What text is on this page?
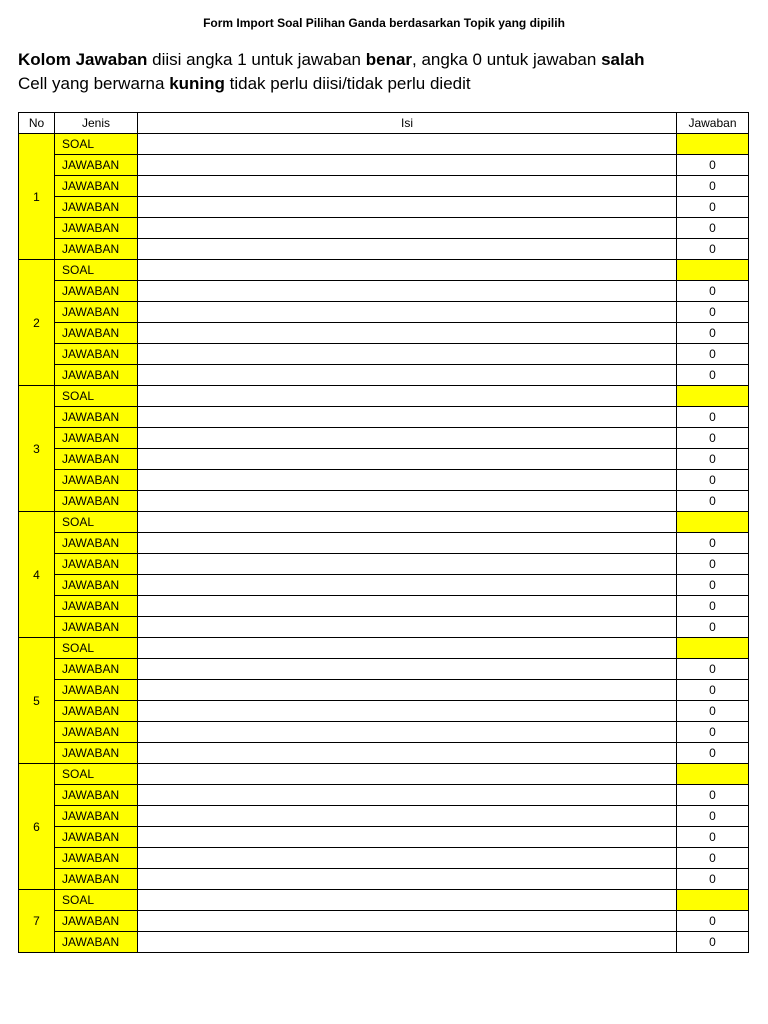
Form Import Soal Pilihan Ganda berdasarkan Topik yang dipilih
Kolom Jawaban diisi angka 1 untuk jawaban benar, angka 0 untuk jawaban salah
Cell yang berwarna kuning tidak perlu diisi/tidak perlu diedit
No	Jenis	Isi	Jawaban
1	SOAL		
	JAWABAN		0
	JAWABAN		0
	JAWABAN		0
	JAWABAN		0
	JAWABAN		0
2	SOAL		
	JAWABAN		0
	JAWABAN		0
	JAWABAN		0
	JAWABAN		0
	JAWABAN		0
3	SOAL		
	JAWABAN		0
	JAWABAN		0
	JAWABAN		0
	JAWABAN		0
	JAWABAN		0
4	SOAL		
	JAWABAN		0
	JAWABAN		0
	JAWABAN		0
	JAWABAN		0
	JAWABAN		0
5	SOAL		
	JAWABAN		0
	JAWABAN		0
	JAWABAN		0
	JAWABAN		0
	JAWABAN		0
6	SOAL		
	JAWABAN		0
	JAWABAN		0
	JAWABAN		0
	JAWABAN		0
	JAWABAN		0
7	SOAL		
	JAWABAN		0
	JAWABAN		0
